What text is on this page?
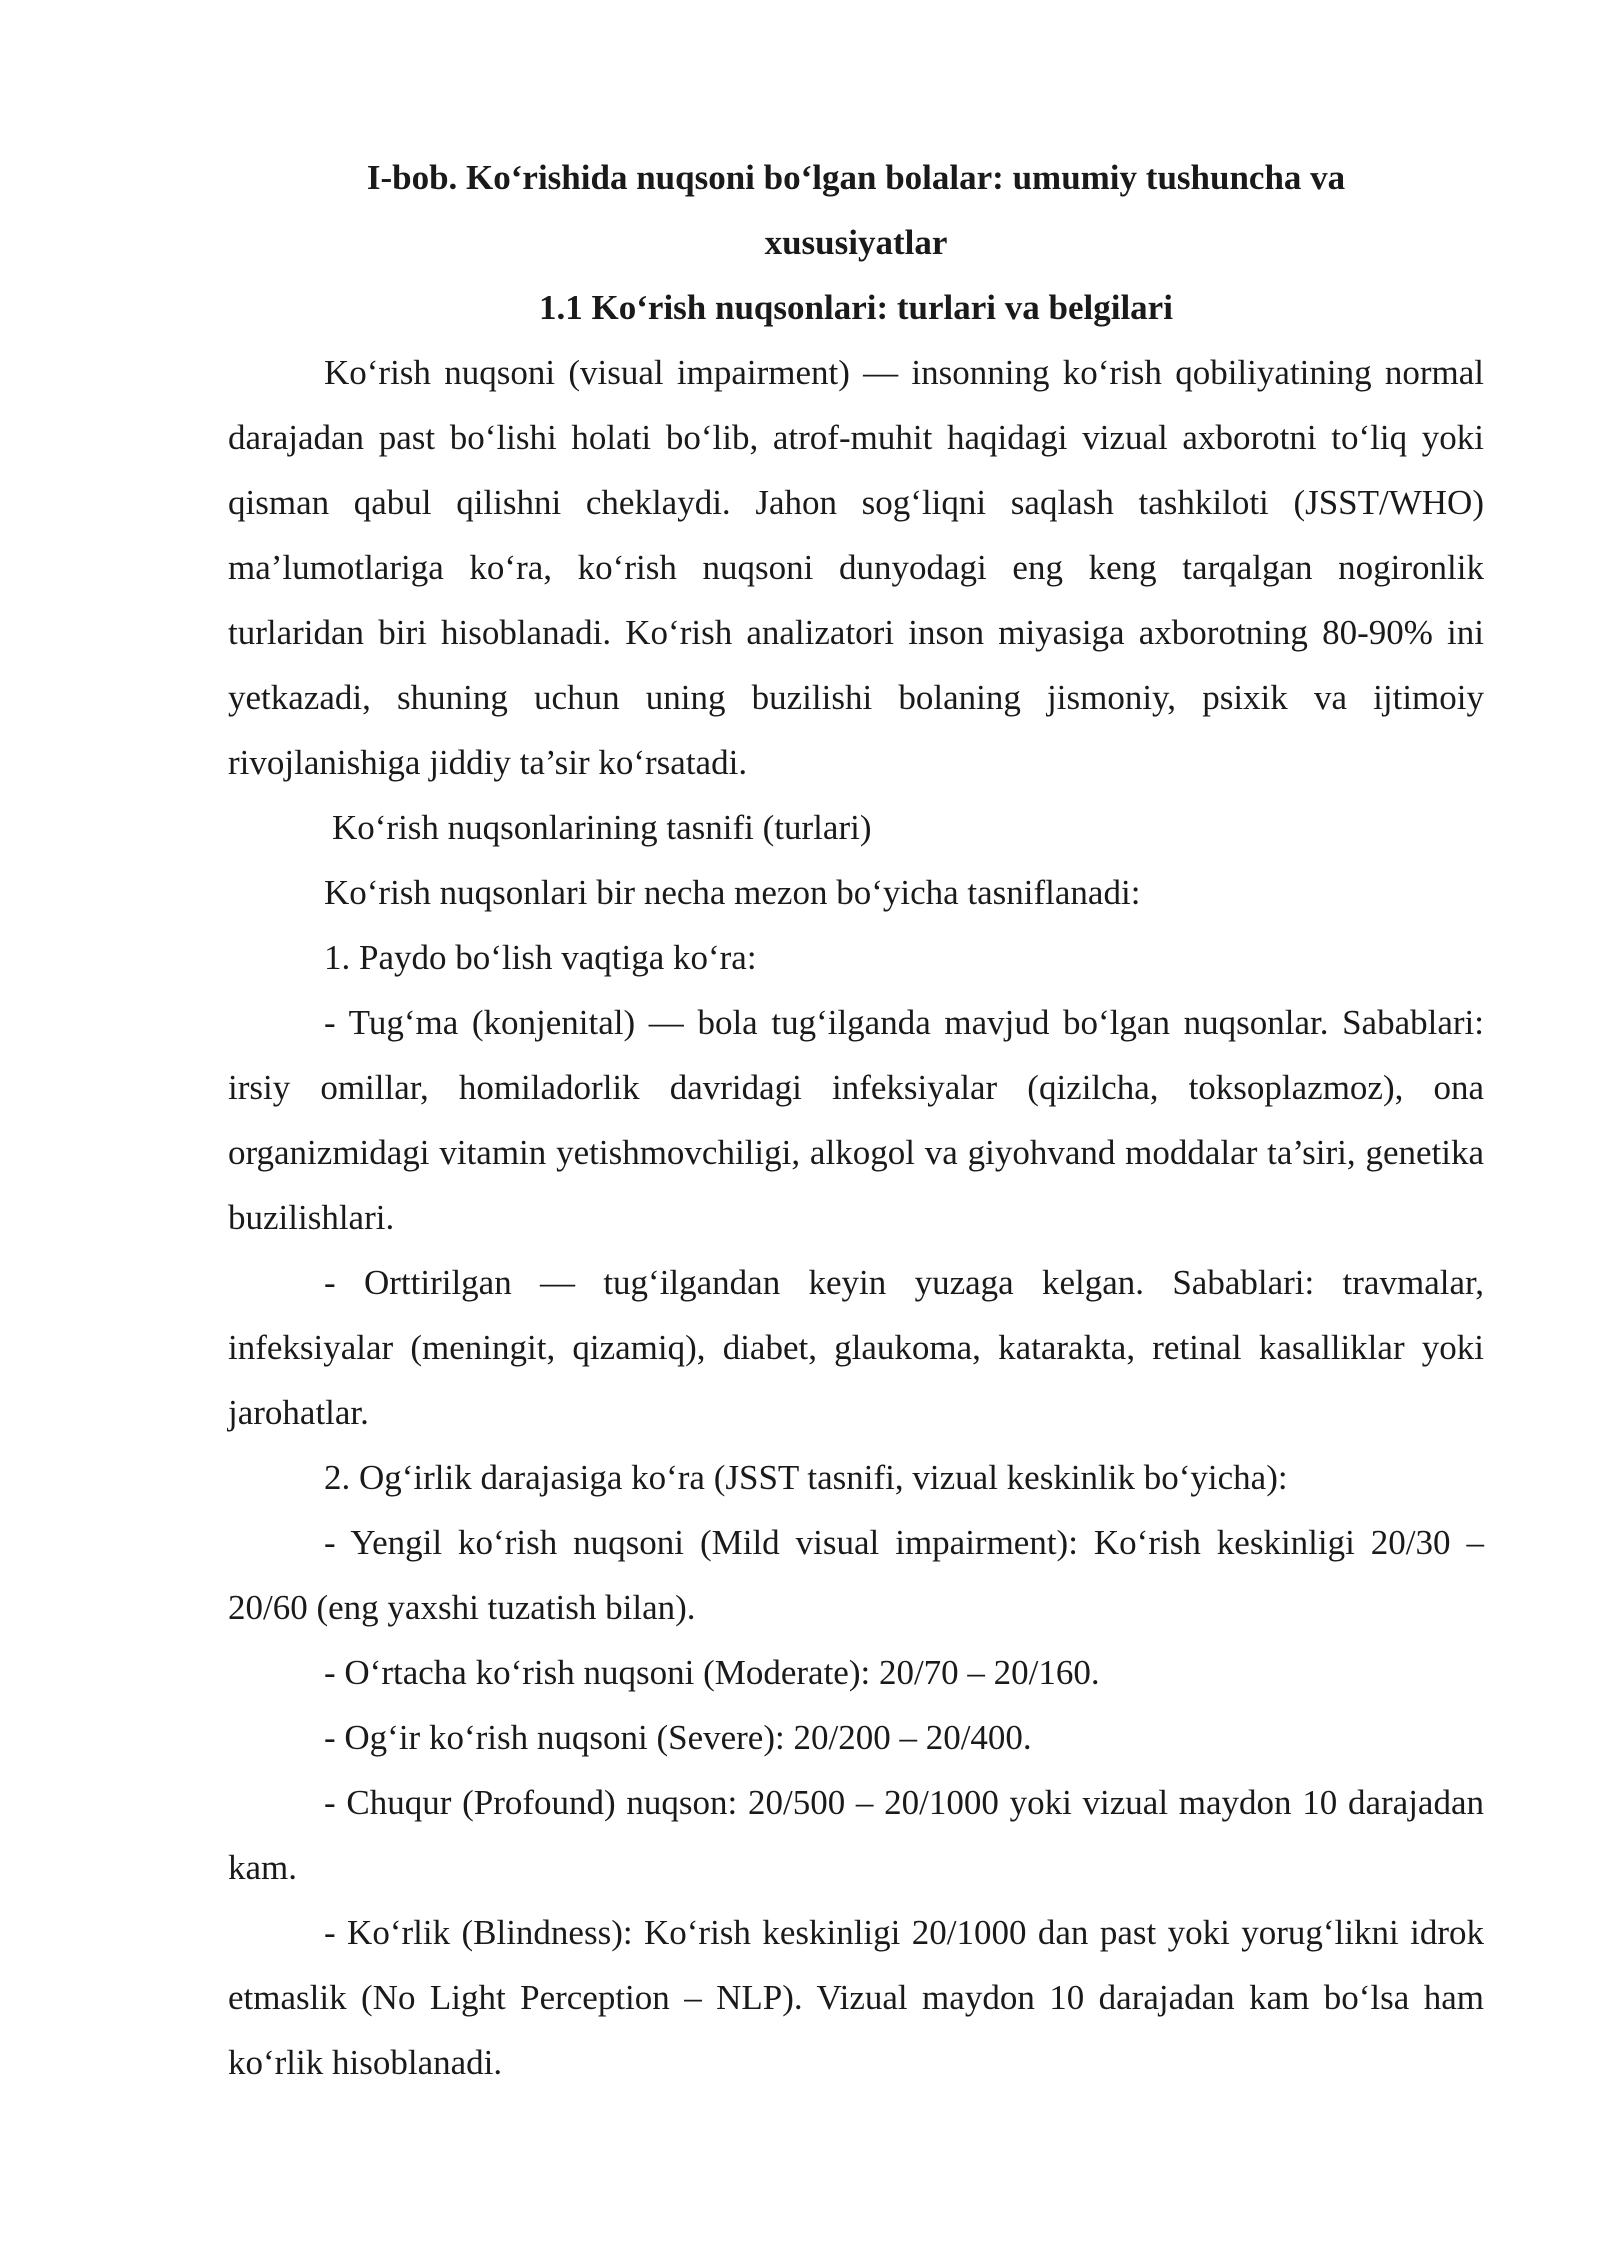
I-bob. Ko‘rishida nuqsoni bo‘lgan bolalar: umumiy tushuncha va
xususiyatlar
1.1 Ko‘rish nuqsonlari: turlari va belgilari

Ko‘rish nuqsoni (visual impairment) — insonning ko‘rish qobiliyatining normal darajadan past bo‘lishi holati bo‘lib, atrof-muhit haqidagi vizual axborotni to‘liq yoki qisman qabul qilishni cheklaydi. Jahon sog‘liqni saqlash tashkiloti (JSST/WHO) ma’lumotlariga ko‘ra, ko‘rish nuqsoni dunyodagi eng keng tarqalgan nogironlik turlaridan biri hisoblanadi. Ko‘rish analizatori inson miyasiga axborotning 80-90% ini yetkazadi, shuning uchun uning buzilishi bolaning jismoniy, psixik va ijtimoiy rivojlanishiga jiddiy ta’sir ko‘rsatadi.

Ko‘rish nuqsonlarining tasnifi (turlari)

Ko‘rish nuqsonlari bir necha mezon bo‘yicha tasniflanadi:

1. Paydo bo‘lish vaqtiga ko‘ra:

- Tug‘ma (konjenital) — bola tug‘ilganda mavjud bo‘lgan nuqsonlar. Sabablari: irsiy omillar, homiladorlik davridagi infeksiyalar (qizilcha, toksoplazmoz), ona organizmidagi vitamin yetishmovchiligi, alkogol va giyohvand moddalar ta’siri, genetika buzilishlari.

- Orttirilgan — tug‘ilgandan keyin yuzaga kelgan. Sabablari: travmalar, infeksiyalar (meningit, qizamiq), diabet, glaukoma, katarakta, retinal kasalliklar yoki jarohatlar.

2. Og‘irlik darajasiga ko‘ra (JSST tasnifi, vizual keskinlik bo‘yicha):

- Yengil ko‘rish nuqsoni (Mild visual impairment): Ko‘rish keskinligi 20/30 – 20/60 (eng yaxshi tuzatish bilan).

- O‘rtacha ko‘rish nuqsoni (Moderate): 20/70 – 20/160.

- Og‘ir ko‘rish nuqsoni (Severe): 20/200 – 20/400.

- Chuqur (Profound) nuqson: 20/500 – 20/1000 yoki vizual maydon 10 darajadan kam.

- Ko‘rlik (Blindness): Ko‘rish keskinligi 20/1000 dan past yoki yorug‘likni idrok etmaslik (No Light Perception – NLP). Vizual maydon 10 darajadan kam bo‘lsa ham ko‘rlik hisoblanadi.
